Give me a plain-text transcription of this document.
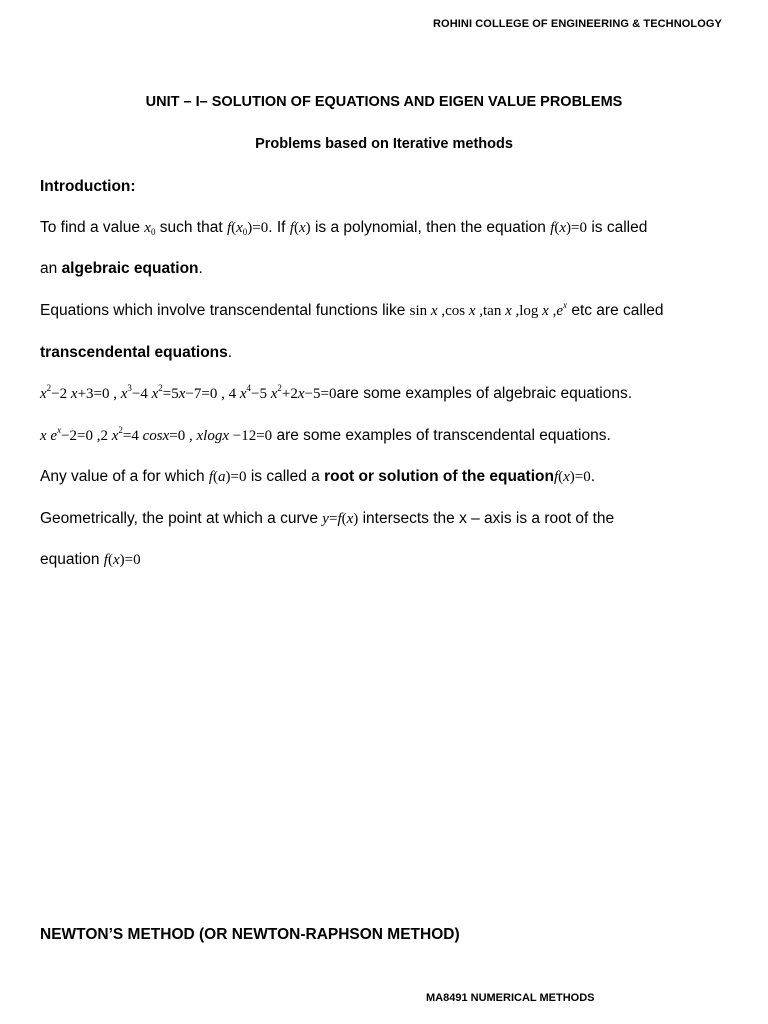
ROHINI COLLEGE OF ENGINEERING & TECHNOLOGY
UNIT – I– SOLUTION OF EQUATIONS AND EIGEN VALUE PROBLEMS
Problems based on Iterative methods
Introduction:
To find a value $x_0$ such that $f(x_0)=0$. If f(x) is a polynomial, then the equation f(x)=0 is called
an algebraic equation.
Equations which involve transcendental functions like sin x ,cos x ,tan x ,log x $,e^x$ etc are called
transcendental equations.
$x^2-2$ x+3=0 , $x^3-4$ $x^2=5x-7=0$ , 4 $x^4-5$ $x^2+2x-5=0are$ some examples of algebraic equations.
x $e^x-2=0$ ,2 $x^2=4$ cosx=0 , xlogx −12=0 are some examples of transcendental equations.
Any value of a for which f(a)=0 is called a root or solution of the equationf(x)=0.
Geometrically, the point at which a curve y=f(x) intersects the x – axis is a root of the
equation f(x)=0
NEWTON’S METHOD (OR NEWTON-RAPHSON METHOD)
MA8491 NUMERICAL METHODS
